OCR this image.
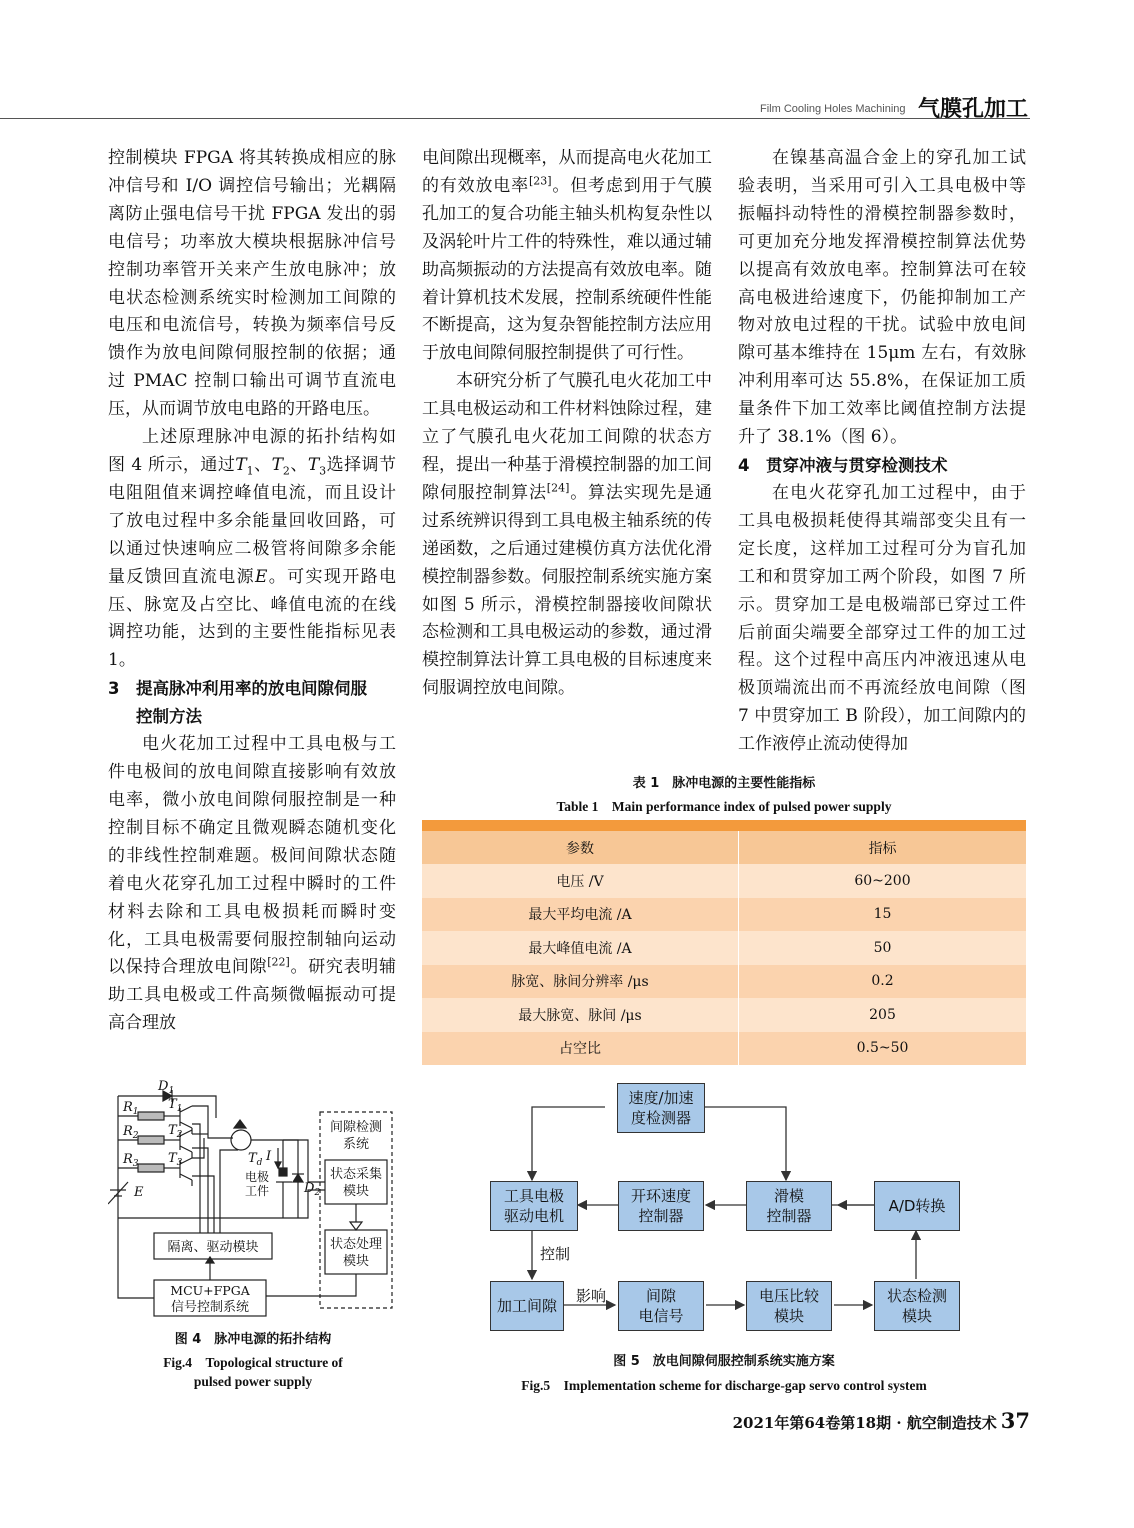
Film Cooling Holes Machining 气膜孔加工

控制模块 FPGA 将其转换成相应的脉冲信号和 I/O 调控信号输出；光耦隔离防止强电信号干扰 FPGA 发出的弱电信号；功率放大模块根据脉冲信号控制功率管开关来产生放电脉冲；放电状态检测系统实时检测加工间隙的电压和电流信号，转换为频率信号反馈作为放电间隙伺服控制的依据；通过 PMAC 控制口输出可调节直流电压，从而调节放电电路的开路电压。

上述原理脉冲电源的拓扑结构如图 4 所示，通过$T_1$、$T_2$、$T_3$选择调节电阻阻值来调控峰值电流，而且设计了放电过程中多余能量回收回路，可以通过快速响应二极管将间隙多余能量反馈回直流电源E。可实现开路电压、脉宽及占空比、峰值电流的在线调控功能，达到的主要性能指标见表 1。

3 提高脉冲利用率的放电间隙伺服
控制方法

电火花加工过程中工具电极与工件电极间的放电间隙直接影响有效放电率，微小放电间隙伺服控制是一种控制目标不确定且微观瞬态随机变化的非线性控制难题。极间间隙状态随着电火花穿孔加工过程中瞬时的工件材料去除和工具电极损耗而瞬时变化，工具电极需要伺服控制轴向运动以保持合理放电间隙[22]。研究表明辅助工具电极或工件高频微幅振动可提高合理放

电间隙出现概率，从而提高电火花加工的有效放电率[23]。但考虑到用于气膜孔加工的复合功能主轴头机构复杂性以及涡轮叶片工件的特殊性，难以通过辅助高频振动的方法提高有效放电率。随着计算机技术发展，控制系统硬件性能不断提高，这为复杂智能控制方法应用于放电间隙伺服控制提供了可行性。

本研究分析了气膜孔电火花加工中工具电极运动和工件材料蚀除过程，建立了气膜孔电火花加工间隙的状态方程，提出一种基于滑模控制器的加工间隙伺服控制算法[24]。算法实现先是通过系统辨识得到工具电极主轴系统的传递函数，之后通过建模仿真方法优化滑模控制器参数。伺服控制系统实施方案如图 5 所示，滑模控制器接收间隙状态检测和工具电极运动的参数，通过滑模控制算法计算工具电极的目标速度来伺服调控放电间隙。

在镍基高温合金上的穿孔加工试验表明，当采用可引入工具电极中等振幅抖动特性的滑模控制器参数时，可更加充分地发挥滑模控制算法优势以提高有效放电率。控制算法可在较高电极进给速度下，仍能抑制加工产物对放电过程的干扰。试验中放电间隙可基本维持在 15μm 左右，有效脉冲利用率可达 55.8%，在保证加工质量条件下加工效率比阈值控制方法提升了 38.1%（图 6）。

4 贯穿冲液与贯穿检测技术

在电火花穿孔加工过程中，由于工具电极损耗使得其端部变尖且有一定长度，这样加工过程可分为盲孔加工和和贯穿加工两个阶段，如图 7 所示。贯穿加工是电极端部已穿过工件后前面尖端要全部穿过工件的加工过程。这个过程中高压内冲液迅速从电极顶端流出而不再流经放电间隙（图 7 中贯穿加工 B 阶段），加工间隙内的工作液停止流动使得加

表 1　脉冲电源的主要性能指标
Table 1　Main performance index of pulsed power supply
参数	指标
电压 /V	60~200
最大平均电流 /A	15
最大峰值电流 /A	50
脉宽、脉间分辨率 /μs	0.2
最大脉宽、脉间 /μs	205
占空比	0.5~50
$D_1$
$R_1$
$R_2$
$R_3$
$T_1$
$T_2$
$T_3$	$T_d$ I
电极
工件	$D_2$
E
隔离、驱动模块
MCU+FPGA
信号控制系统
间隙检测
系统
状态采集
模块
状态处理
模块
图 4　脉冲电源的拓扑结构
Fig.4　Topological structure of
pulsed power supply
速度/加速
度检测器
工具电极
驱动电机
开环速度
控制器
滑模
控制器
A/D转换
加工间隙
间隙
电信号
电压比较
模块
状态检测
模块
控制
影响
图 5　放电间隙伺服控制系统实施方案
Fig.5　Implementation scheme for discharge-gap servo control system
2021年第64卷第18期 · 航空制造技术 37
